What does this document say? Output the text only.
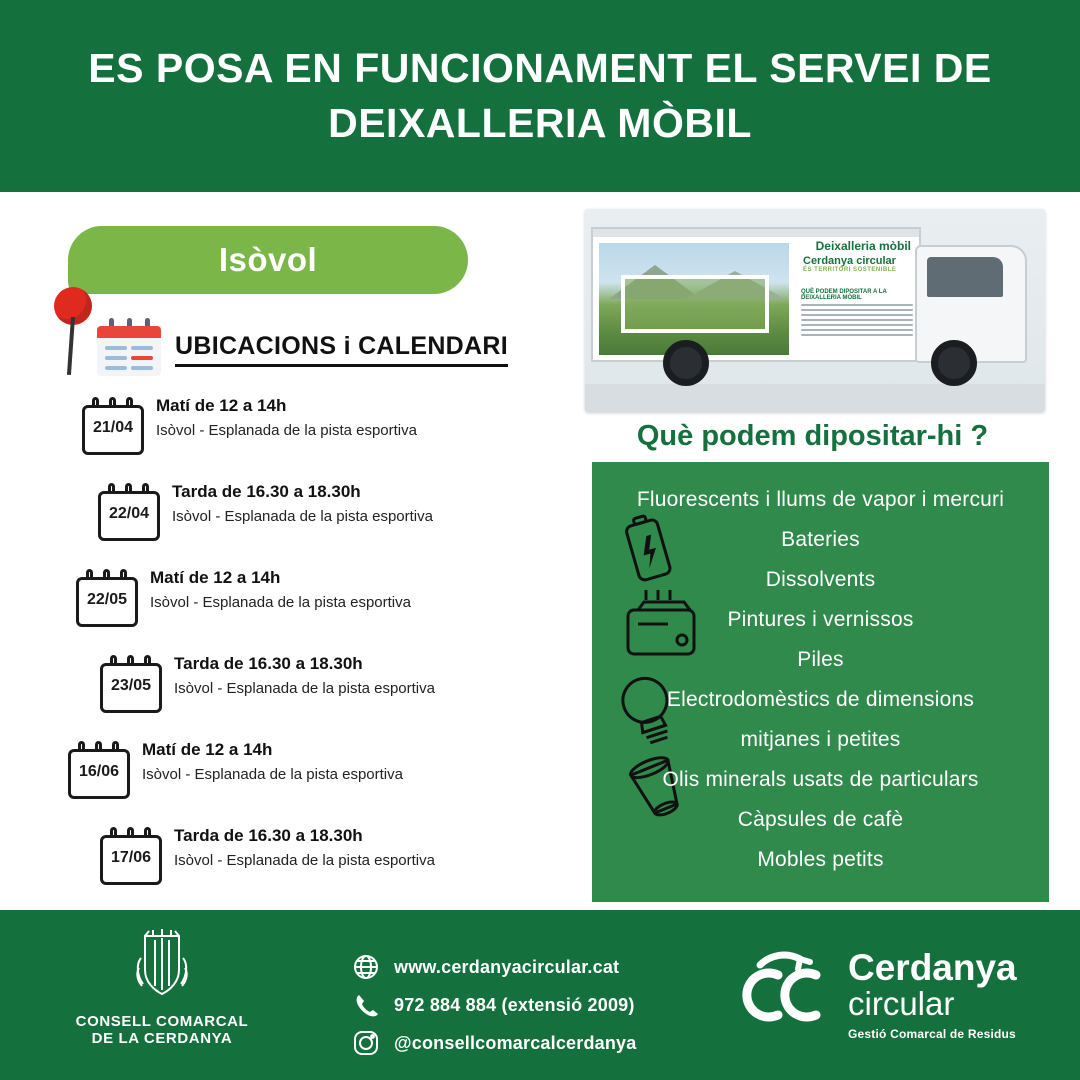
ES POSA EN FUNCIONAMENT EL SERVEI DE
DEIXALLERIA MÒBIL
Isòvol
UBICACIONS i CALENDARI
21/04
Matí de 12 a 14h
Isòvol - Esplanada de la pista esportiva
22/04
Tarda de 16.30 a 18.30h
Isòvol - Esplanada de la pista esportiva
22/05
Matí de 12 a 14h
Isòvol - Esplanada de la pista esportiva
23/05
Tarda de 16.30 a 18.30h
Isòvol - Esplanada de la pista esportiva
16/06
Matí de 12 a 14h
Isòvol - Esplanada de la pista esportiva
17/06
Tarda de 16.30 a 18.30h
Isòvol - Esplanada de la pista esportiva
Deixalleria mòbil
Cerdanya circular
ÉS TERRITORI SOSTENIBLE
QUÈ PODEM DIPOSITAR A LA DEIXALLERIA MÒBIL
Què podem dipositar-hi ?
Fluorescents i llums de vapor i mercuri
Bateries
Dissolvents
Pintures i vernissos
Piles
Electrodomèstics de dimensions
mitjanes i petites
Olis minerals usats de particulars
Càpsules de cafè
Mobles petits
CONSELL COMARCAL
DE LA CERDANYA
www.cerdanyacircular.cat
972 884 884 (extensió 2009)
@consellcomarcalcerdanya
Cerdanya
circular
Gestió Comarcal de Residus
